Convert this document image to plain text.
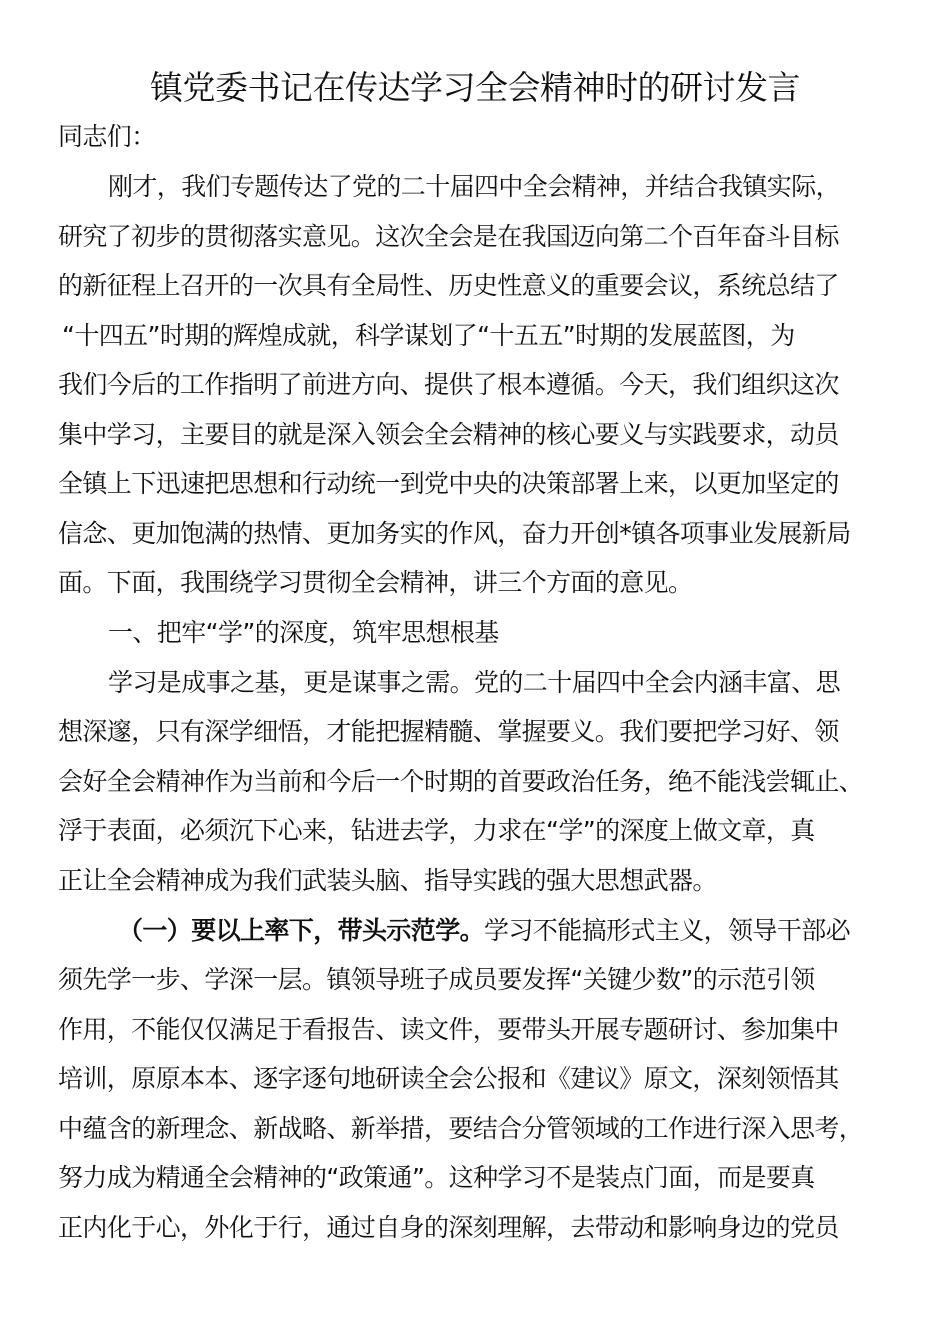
镇党委书记在传达学习全会精神时的研讨发言
同志们：
刚才，我们专题传达了党的二十届四中全会精神，并结合我镇实际，
研究了初步的贯彻落实意见。这次全会是在我国迈向第二个百年奋斗目标
的新征程上召开的一次具有全局性、历史性意义的重要会议，系统总结了
“十四五”时期的辉煌成就，科学谋划了“十五五”时期的发展蓝图，为
我们今后的工作指明了前进方向、提供了根本遵循。今天，我们组织这次
集中学习，主要目的就是深入领会全会精神的核心要义与实践要求，动员
全镇上下迅速把思想和行动统一到党中央的决策部署上来，以更加坚定的
信念、更加饱满的热情、更加务实的作风，奋力开创*镇各项事业发展新局
面。下面，我围绕学习贯彻全会精神，讲三个方面的意见。
一、把牢“学”的深度，筑牢思想根基
学习是成事之基，更是谋事之需。党的二十届四中全会内涵丰富、思
想深邃，只有深学细悟，才能把握精髓、掌握要义。我们要把学习好、领
会好全会精神作为当前和今后一个时期的首要政治任务，绝不能浅尝辄止、
浮于表面，必须沉下心来，钻进去学，力求在“学”的深度上做文章，真
正让全会精神成为我们武装头脑、指导实践的强大思想武器。
（一）要以上率下，带头示范学。学习不能搞形式主义，领导干部必
须先学一步、学深一层。镇领导班子成员要发挥“关键少数”的示范引领
作用，不能仅仅满足于看报告、读文件，要带头开展专题研讨、参加集中
培训，原原本本、逐字逐句地研读全会公报和《建议》原文，深刻领悟其
中蕴含的新理念、新战略、新举措，要结合分管领域的工作进行深入思考，
努力成为精通全会精神的“政策通”。这种学习不是装点门面，而是要真
正内化于心，外化于行，通过自身的深刻理解，去带动和影响身边的党员
